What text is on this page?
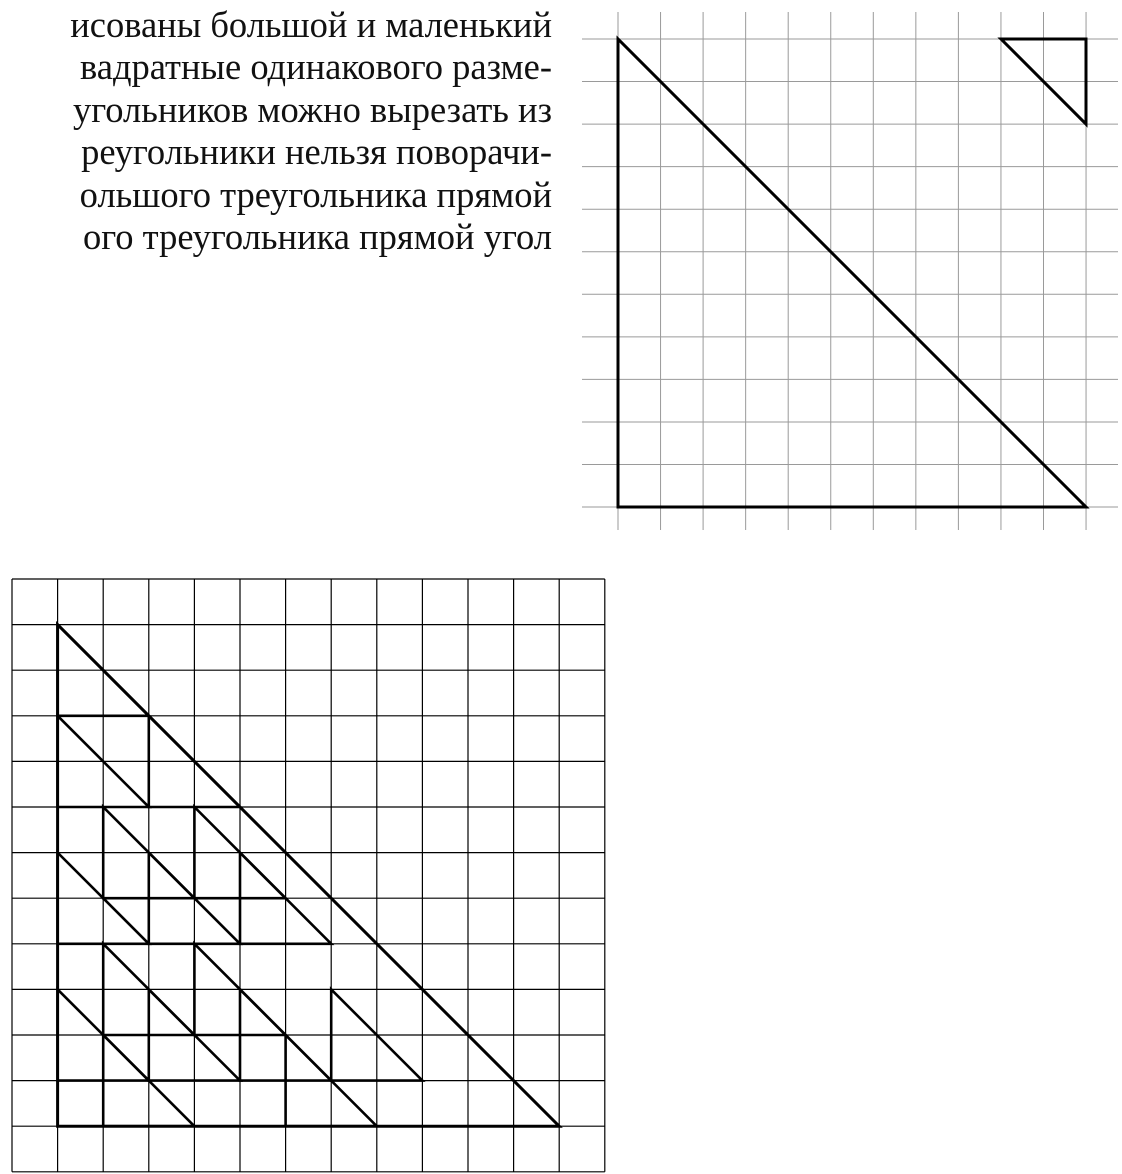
исованы большой и маленький
вадратные одинакового разме-
угольников можно вырезать из
реугольники нельзя поворачи-
ольшого треугольника прямой
ого треугольника прямой угол
